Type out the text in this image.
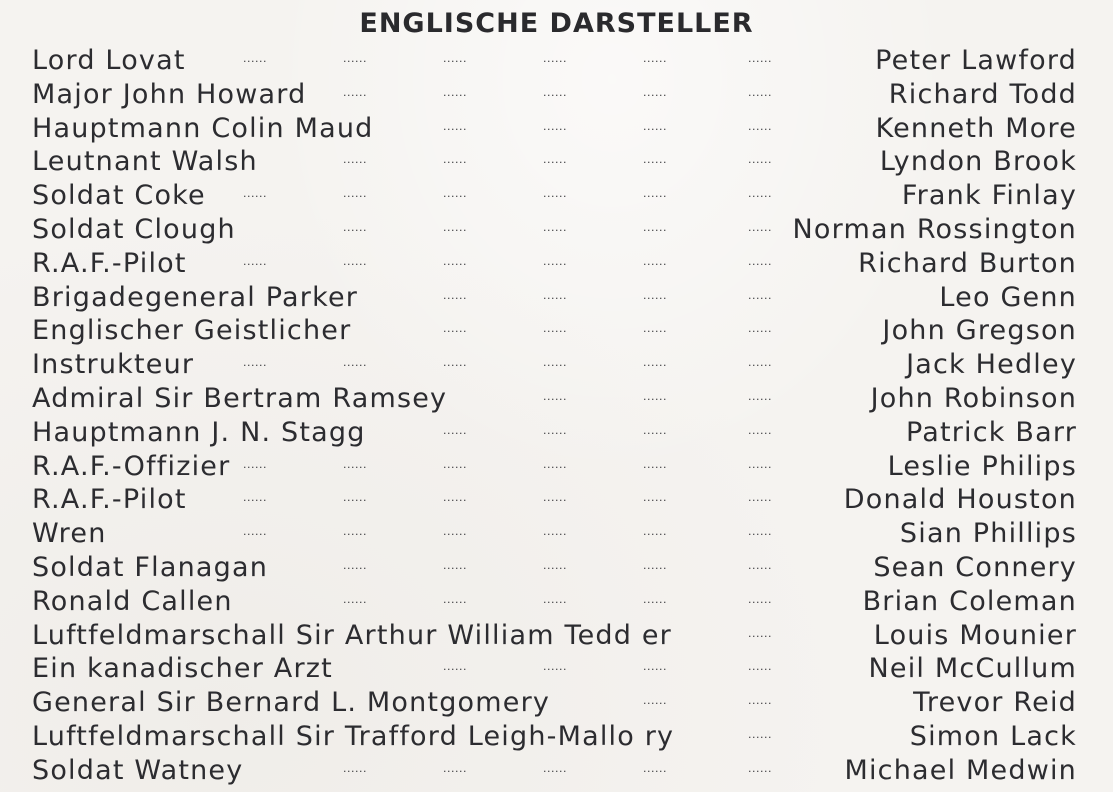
ENGLISCHE DARSTELLER
Lord Lovat	Peter Lawford
......	......	......	......	......	......
Major John Howard	Richard Todd
......	......	......	......	......
Hauptmann Colin Maud	Kenneth More
......	......	......	......
Leutnant Walsh	Lyndon Brook
......	......	......	......	......
Soldat Coke	Frank Finlay
......	......	......	......	......	......
Soldat Clough	Norman Rossington
......	......	......	......	......
R.A.F.-Pilot	Richard Burton
......	......	......	......	......	......
Brigadegeneral Parker	Leo Genn
......	......	......	......
Englischer Geistlicher	John Gregson
......	......	......	......
Instrukteur	Jack Hedley
......	......	......	......	......	......
Admiral Sir Bertram Ramsey	John Robinson
......	......	......
Hauptmann J. N. Stagg	Patrick Barr
......	......	......	......
R.A.F.-Offizier	Leslie Philips
......	......	......	......	......	......
R.A.F.-Pilot	Donald Houston
......	......	......	......	......	......
Wren	Sian Phillips
......	......	......	......	......	......
Soldat Flanagan	Sean Connery
......	......	......	......	......
Ronald Callen	Brian Coleman
......	......	......	......	......
Luftfeldmarschall Sir Arthur William Tedd er	Louis Mounier
......
Ein kanadischer Arzt	Neil McCullum
......	......	......	......
General Sir Bernard L. Montgomery	Trevor Reid
......	......
Luftfeldmarschall Sir Trafford Leigh-Mallo ry	Simon Lack
......
Soldat Watney	Michael Medwin
......	......	......	......	......
